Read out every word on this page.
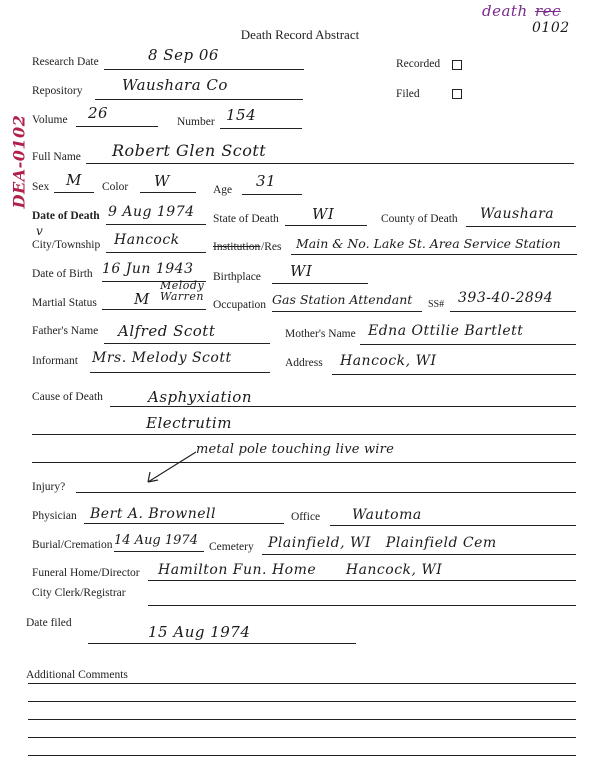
Death Record Abstract
death rec
0102
DEA-0102
Research Date	8 Sep 06	Recorded
Repository	Waushara Co	Filed
Volume 26	Number 154
Full Name Robert Glen Scott
Sex M Color W	Age 31
Date of Death 9 Aug 1974 State of Death WI	County of Death Waushara
v
City/Township Hancock	Institution /Res Main & No. Lake St. Area Service Station
Date of Birth 16 Jun 1943 Birthplace WI
Martial Status M
Melody Warren
Occupation Gas Station Attendant SS# 393-40-2894
Father's Name Alfred Scott	Mother's Name Edna Ottilie Bartlett
Informant Mrs. Melody Scott	Address Hancock, WI
Cause of Death	Asphyxiation
Electrutim
metal pole touching live wire
Injury?
Physician Bert A. Brownell	Office Wautoma
Burial/Cremation 14 Aug 1974 Cemetery Plainfield, WI   Plainfield Cem
Funeral Home/Director Hamilton Fun. Home      Hancock, WI
City Clerk/Registrar
Date filed	15 Aug 1974
Additional Comments
